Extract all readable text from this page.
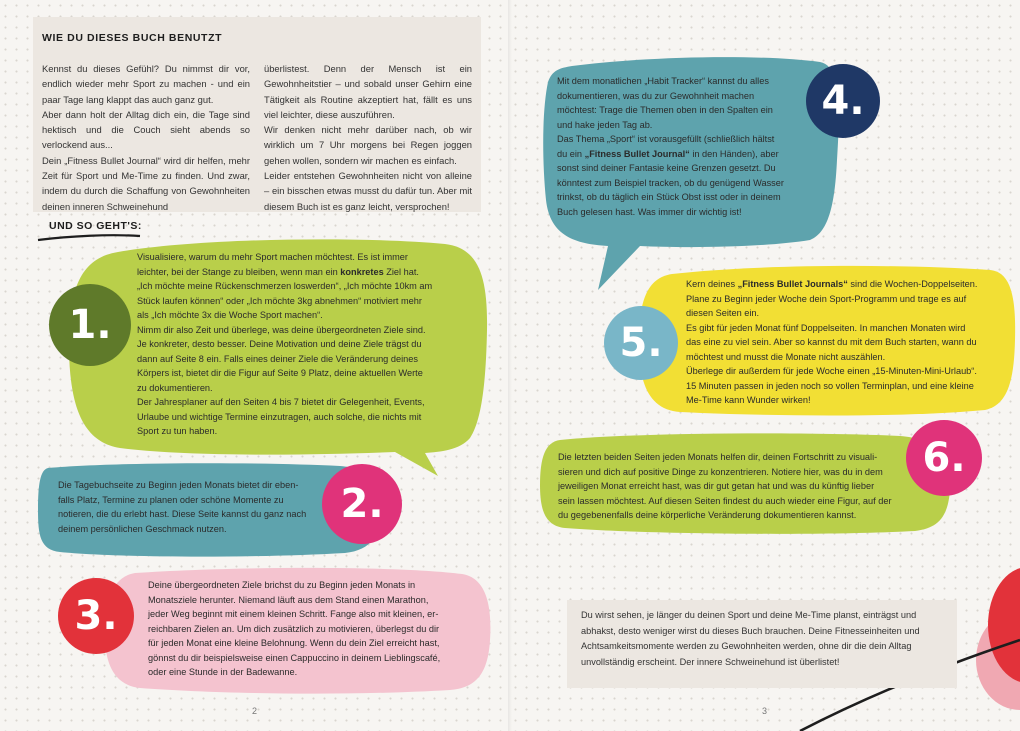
WIE DU DIESES BUCH BENUTZT
Kennst du dieses Gefühl? Du nimmst dir vor, endlich wieder mehr Sport zu machen - und ein paar Tage lang klappt das auch ganz gut.
Aber dann holt der Alltag dich ein, die Tage sind hektisch und die Couch sieht abends so verlockend aus...
Dein „Fitness Bullet Journal“ wird dir helfen, mehr Zeit für Sport und Me-Time zu finden. Und zwar, indem du durch die Schaffung von Gewohnheiten deinen inneren Schweinehund
überlistest. Denn der Mensch ist ein Gewohnheitstier – und sobald unser Gehirn eine Tätigkeit als Routine akzeptiert hat, fällt es uns viel leichter, diese auszuführen.
Wir denken nicht mehr darüber nach, ob wir wirklich um 7 Uhr morgens bei Regen joggen gehen wollen, sondern wir machen es einfach.
Leider entstehen Gewohnheiten nicht von alleine – ein bisschen etwas musst du dafür tun. Aber mit diesem Buch ist es ganz leicht, versprochen!
UND SO GEHT'S:
Visualisiere, warum du mehr Sport machen möchtest. Es ist immer
leichter, bei der Stange zu bleiben, wenn man ein konkretes Ziel hat.
„Ich möchte meine Rückenschmerzen loswerden“, „Ich möchte 10km am
Stück laufen können“ oder „Ich möchte 3kg abnehmen“ motiviert mehr
als „Ich möchte 3x die Woche Sport machen“.
Nimm dir also Zeit und überlege, was deine übergeordneten Ziele sind.
Je konkreter, desto besser. Deine Motivation und deine Ziele trägst du
dann auf Seite 8 ein. Falls eines deiner Ziele die Veränderung deines
Körpers ist, bietet dir die Figur auf Seite 9 Platz, deine aktuellen Werte
zu dokumentieren.
Der Jahresplaner auf den Seiten 4 bis 7 bietet dir Gelegenheit, Events,
Urlaube und wichtige Termine einzutragen, auch solche, die nichts mit
Sport zu tun haben.
1.
Die Tagebuchseite zu Beginn jeden Monats bietet dir eben-
falls Platz, Termine zu planen oder schöne Momente zu
notieren, die du erlebt hast. Diese Seite kannst du ganz nach
deinem persönlichen Geschmack nutzen.
2.
Deine übergeordneten Ziele brichst du zu Beginn jeden Monats in
Monatsziele herunter. Niemand läuft aus dem Stand einen Marathon,
jeder Weg beginnt mit einem kleinen Schritt. Fange also mit kleinen, er-
reichbaren Zielen an. Um dich zusätzlich zu motivieren, überlegst du dir
für jeden Monat eine kleine Belohnung. Wenn du dein Ziel erreicht hast,
gönnst du dir beispielsweise einen Cappuccino in deinem Lieblingscafé,
oder eine Stunde in der Badewanne.
3.
Mit dem monatlichen „Habit Tracker“ kannst du alles
dokumentieren, was du zur Gewohnheit machen
möchtest: Trage die Themen oben in den Spalten ein
und hake jeden Tag ab.
Das Thema „Sport“ ist vorausgefüllt (schließlich hältst
du ein „Fitness Bullet Journal“ in den Händen), aber
sonst sind deiner Fantasie keine Grenzen gesetzt. Du
könntest zum Beispiel tracken, ob du genügend Wasser
trinkst, ob du täglich ein Stück Obst isst oder in deinem
Buch gelesen hast. Was immer dir wichtig ist!
4.
Kern deines „Fitness Bullet Journals“ sind die Wochen-Doppelseiten.
Plane zu Beginn jeder Woche dein Sport-Programm und trage es auf
diesen Seiten ein.
Es gibt für jeden Monat fünf Doppelseiten. In manchen Monaten wird
das eine zu viel sein. Aber so kannst du mit dem Buch starten, wann du
möchtest und musst die Monate nicht auszählen.
Überlege dir außerdem für jede Woche einen „15-Minuten-Mini-Urlaub“.
15 Minuten passen in jeden noch so vollen Terminplan, und eine kleine
Me-Time kann Wunder wirken!
5.
Die letzten beiden Seiten jeden Monats helfen dir, deinen Fortschritt zu visuali-
sieren und dich auf positive Dinge zu konzentrieren. Notiere hier, was du in dem
jeweiligen Monat erreicht hast, was dir gut getan hat und was du künftig lieber
sein lassen möchtest. Auf diesen Seiten findest du auch wieder eine Figur, auf der
du gegebenenfalls deine körperliche Veränderung dokumentieren kannst.
6.
Du wirst sehen, je länger du deinen Sport und deine Me-Time planst, einträgst und
abhakst, desto weniger wirst du dieses Buch brauchen. Deine Fitnesseinheiten und
Achtsamkeitsmomente werden zu Gewohnheiten werden, ohne dir die dein Alltag
unvollständig erscheint. Der innere Schweinehund ist überlistet!
2	3
